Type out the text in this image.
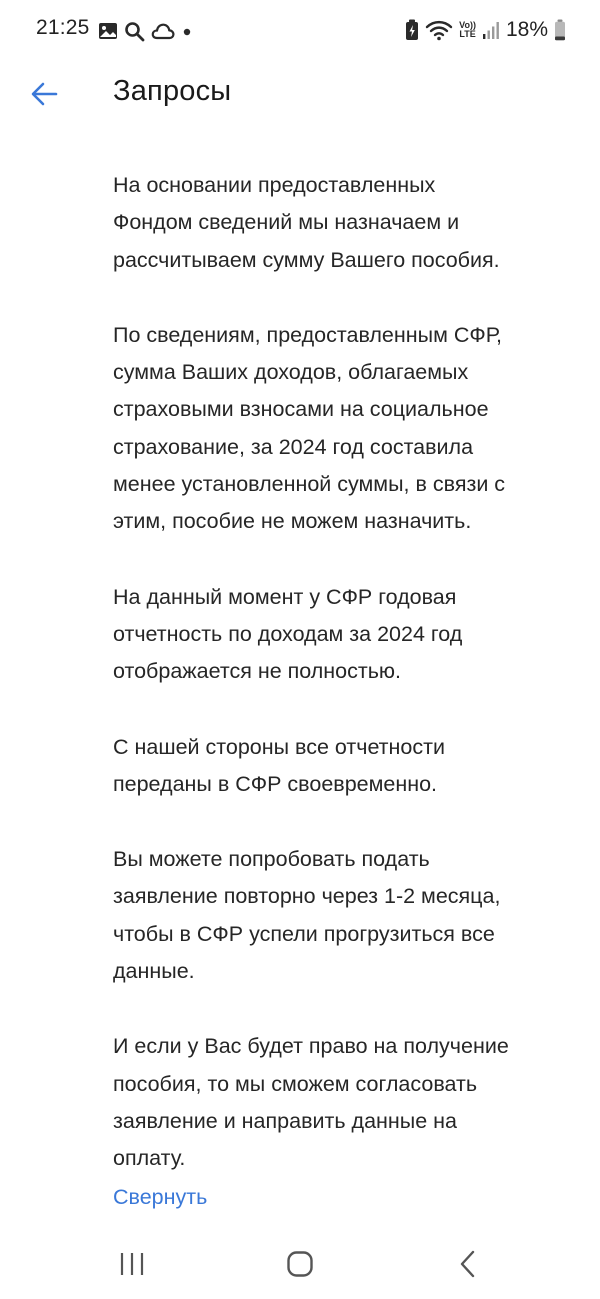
21:25	Vo))
LTE 18%
Запросы

На основании предоставленных
Фондом сведений мы назначаем и
рассчитываем сумму Вашего пособия.

По сведениям, предоставленным СФР,
сумма Ваших доходов, облагаемых
страховыми взносами на социальное
страхование, за 2024 год составила
менее установленной суммы, в связи с
этим, пособие не можем назначить.

На данный момент у СФР годовая
отчетность по доходам за 2024 год
отображается не полностью.

С нашей стороны все отчетности
переданы в СФР своевременно.

Вы можете попробовать подать
заявление повторно через 1-2 месяца,
чтобы в СФР успели прогрузиться все
данные.

И если у Вас будет право на получение
пособия, то мы сможем согласовать
заявление и направить данные на
оплату.

Свернуть
